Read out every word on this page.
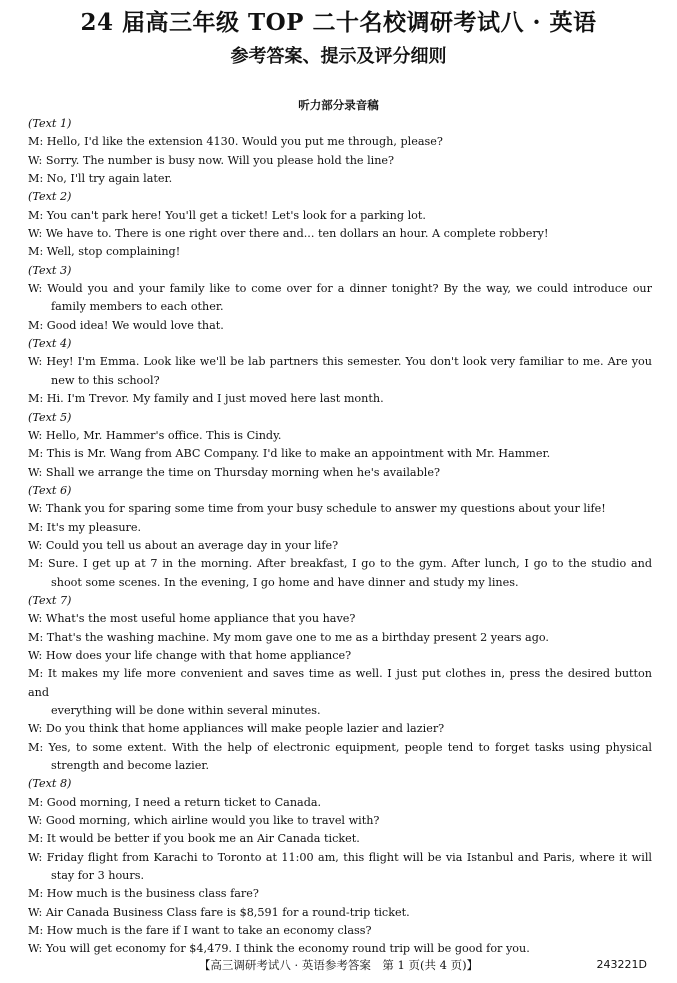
24 届高三年级 TOP 二十名校调研考试八 · 英语
参考答案、提示及评分细则
听力部分录音稿
(Text 1)
M: Hello, I'd like the extension 4130. Would you put me through, please?
W: Sorry. The number is busy now. Will you please hold the line?
M: No, I'll try again later.
(Text 2)
M: You can't park here! You'll get a ticket! Let's look for a parking lot.
W: We have to. There is one right over there and... ten dollars an hour. A complete robbery!
M: Well, stop complaining!
(Text 3)
W: Would you and your family like to come over for a dinner tonight? By the way, we could introduce our
family members to each other.
M: Good idea! We would love that.
(Text 4)
W: Hey! I'm Emma. Look like we'll be lab partners this semester. You don't look very familiar to me. Are you
new to this school?
M: Hi. I'm Trevor. My family and I just moved here last month.
(Text 5)
W: Hello, Mr. Hammer's office. This is Cindy.
M: This is Mr. Wang from ABC Company. I'd like to make an appointment with Mr. Hammer.
W: Shall we arrange the time on Thursday morning when he's available?
(Text 6)
W: Thank you for sparing some time from your busy schedule to answer my questions about your life!
M: It's my pleasure.
W: Could you tell us about an average day in your life?
M: Sure. I get up at 7 in the morning. After breakfast, I go to the gym. After lunch, I go to the studio and
shoot some scenes. In the evening, I go home and have dinner and study my lines.
(Text 7)
W: What's the most useful home appliance that you have?
M: That's the washing machine. My mom gave one to me as a birthday present 2 years ago.
W: How does your life change with that home appliance?
M: It makes my life more convenient and saves time as well. I just put clothes in, press the desired button and
everything will be done within several minutes.
W: Do you think that home appliances will make people lazier and lazier?
M: Yes, to some extent. With the help of electronic equipment, people tend to forget tasks using physical
strength and become lazier.
(Text 8)
M: Good morning, I need a return ticket to Canada.
W: Good morning, which airline would you like to travel with?
M: It would be better if you book me an Air Canada ticket.
W: Friday flight from Karachi to Toronto at 11:00 am, this flight will be via Istanbul and Paris, where it will
stay for 3 hours.
M: How much is the business class fare?
W: Air Canada Business Class fare is $8,591 for a round-trip ticket.
M: How much is the fare if I want to take an economy class?
W: You will get economy for $4,479. I think the economy round trip will be good for you.
【高三调研考试八 · 英语参考答案　第 1 页(共 4 页)】	243221D
